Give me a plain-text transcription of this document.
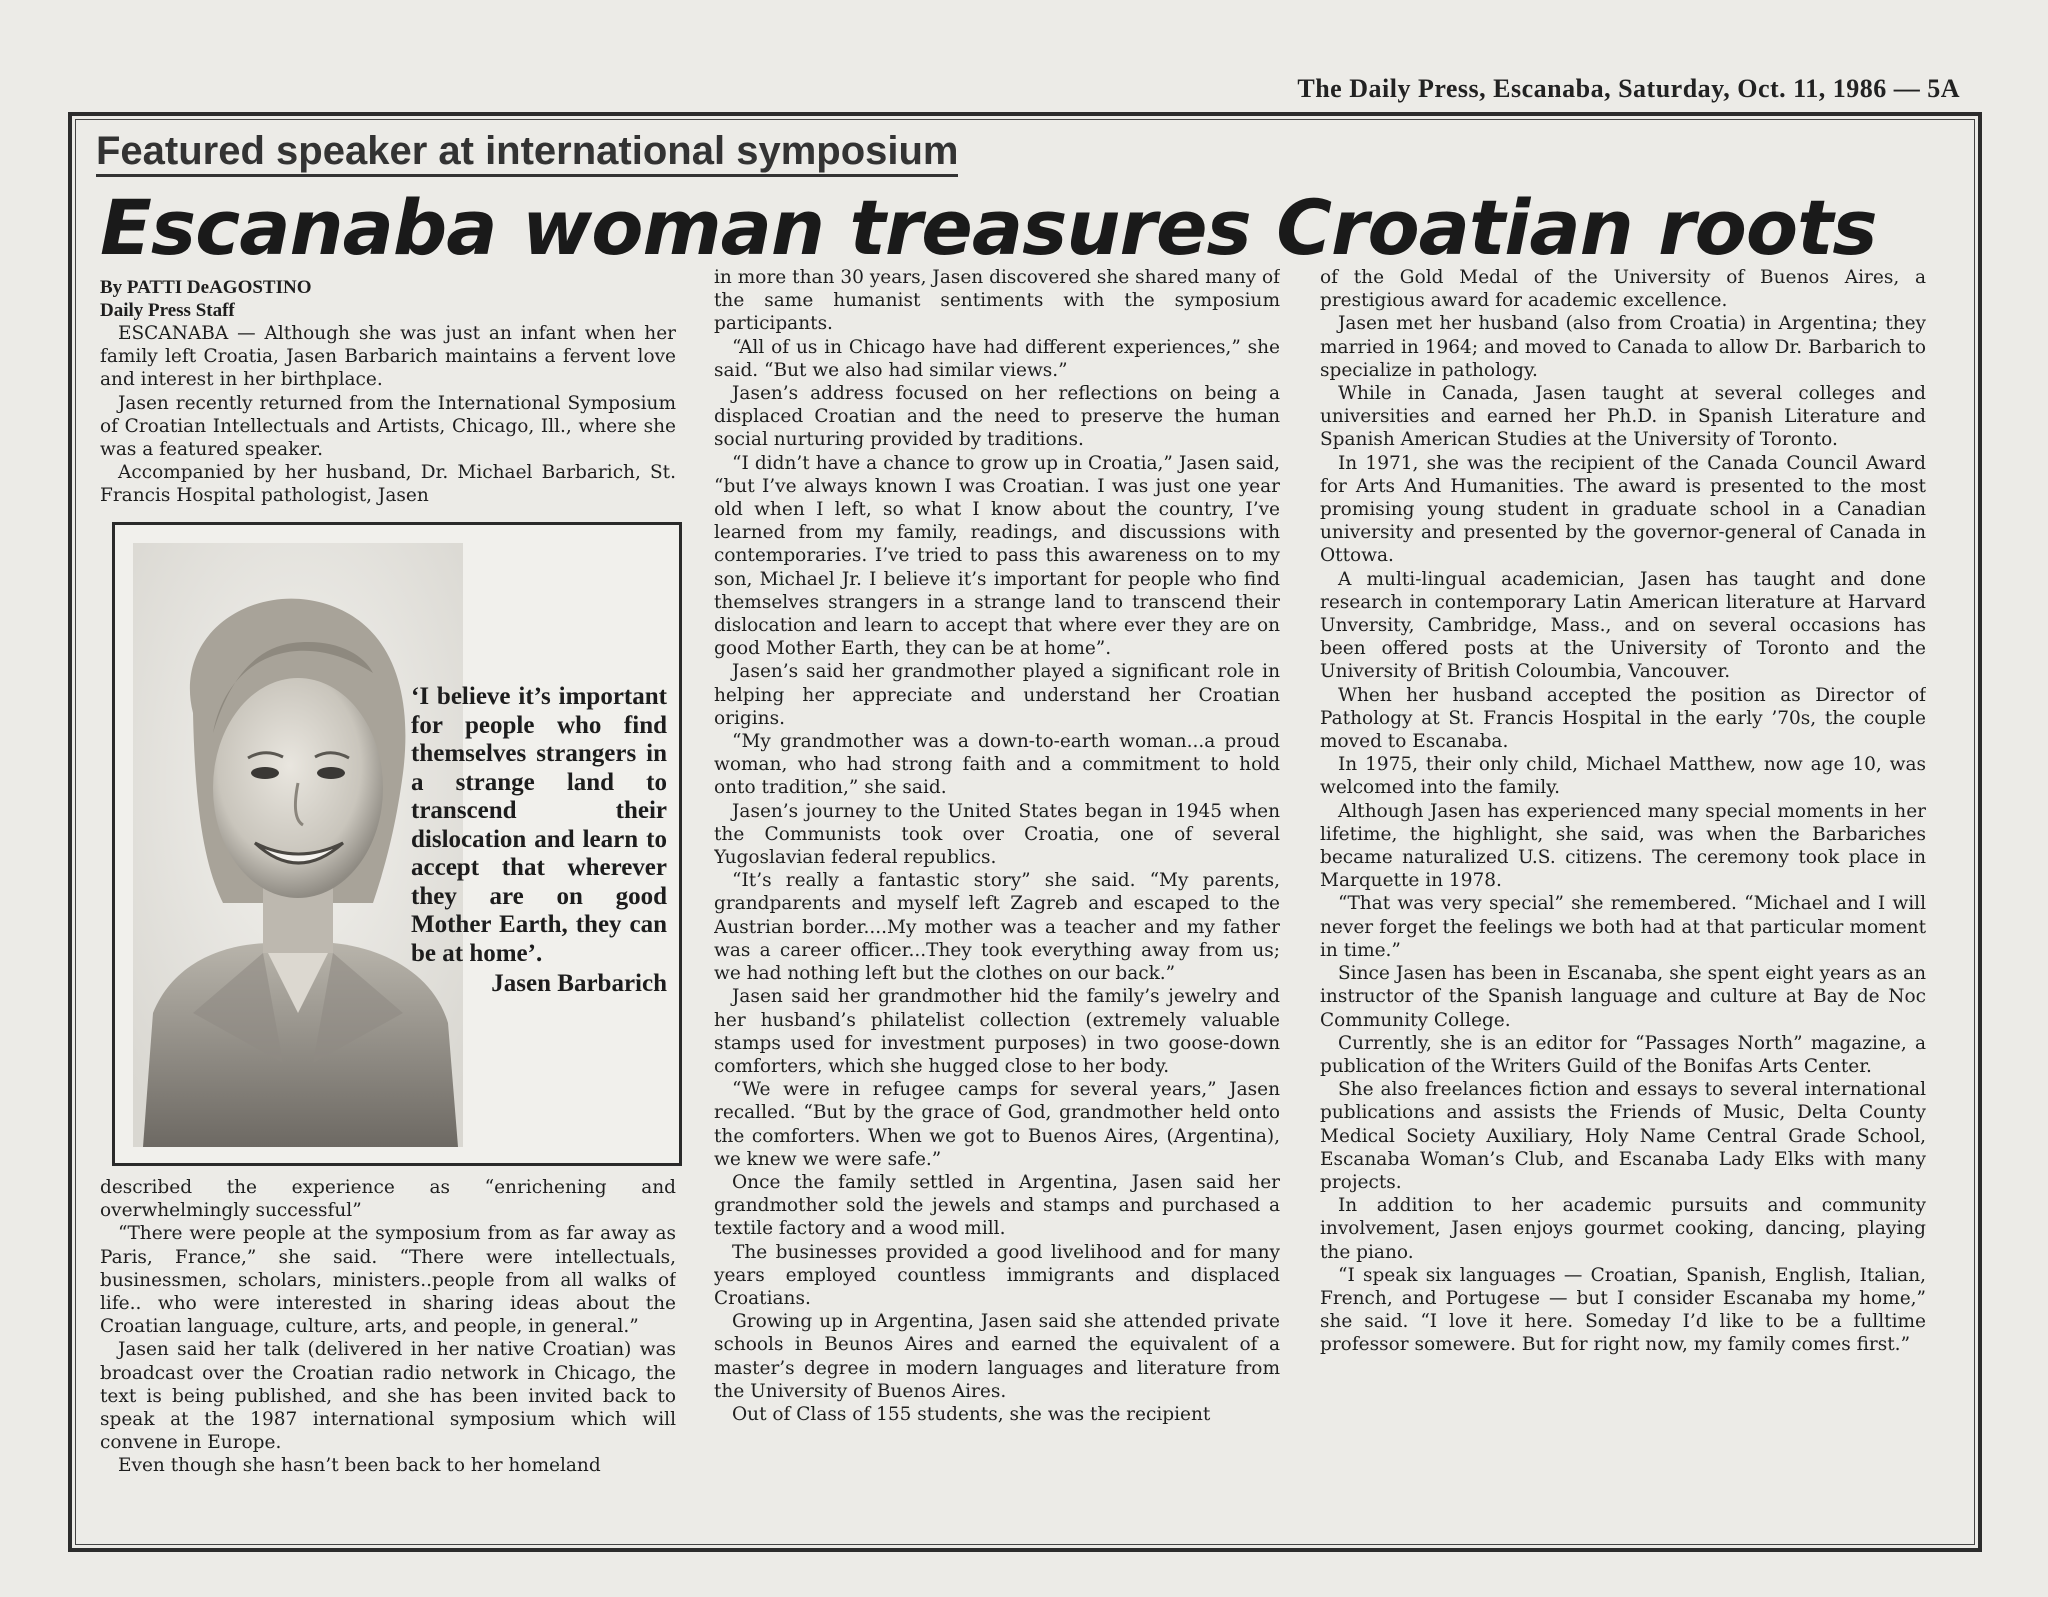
The Daily Press, Escanaba, Saturday, Oct. 11, 1986 — 5A
Featured speaker at international symposium
Escanaba woman treasures Croatian roots
By PATTI DeAGOSTINO
Daily Press Staff

ESCANABA — Although she was just an infant when her family left Croatia, Jasen Barbarich maintains a fervent love and interest in her birthplace.

Jasen recently returned from the International Symposium of Croatian Intellectuals and Artists, Chicago, Ill., where she was a featured speaker.

Accompanied by her husband, Dr. Michael Barbarich, St. Francis Hospital pathologist, Jasen

‘I believe it’s important for people who find themselves strangers in a strange land to transcend their dislocation and learn to accept that wherever they are on good Mother Earth, they can be at home’.
Jasen Barbarich

described the experience as “enrichening and overwhelmingly successful”

“There were people at the symposium from as far away as Paris, France,” she said. “There were intellectuals, businessmen, scholars, ministers..people from all walks of life.. who were interested in sharing ideas about the Croatian language, culture, arts, and people, in general.”

Jasen said her talk (delivered in her native Croatian) was broadcast over the Croatian radio network in Chicago, the text is being published, and she has been invited back to speak at the 1987 international symposium which will convene in Europe.

Even though she hasn’t been back to her homeland

in more than 30 years, Jasen discovered she shared many of the same humanist sentiments with the symposium participants.

“All of us in Chicago have had different experiences,” she said. “But we also had similar views.”

Jasen’s address focused on her reflections on being a displaced Croatian and the need to preserve the human social nurturing provided by traditions.

“I didn’t have a chance to grow up in Croatia,” Jasen said, “but I’ve always known I was Croatian. I was just one year old when I left, so what I know about the country, I’ve learned from my family, readings, and discussions with contemporaries. I’ve tried to pass this awareness on to my son, Michael Jr. I believe it’s important for people who find themselves strangers in a strange land to transcend their dislocation and learn to accept that where ever they are on good Mother Earth, they can be at home”.

Jasen’s said her grandmother played a significant role in helping her appreciate and understand her Croatian origins.

“My grandmother was a down-to-earth woman...a proud woman, who had strong faith and a commitment to hold onto tradition,” she said.

Jasen’s journey to the United States began in 1945 when the Communists took over Croatia, one of several Yugoslavian federal republics.

“It’s really a fantastic story” she said. “My parents, grandparents and myself left Zagreb and escaped to the Austrian border....My mother was a teacher and my father was a career officer...They took everything away from us; we had nothing left but the clothes on our back.”

Jasen said her grandmother hid the family’s jewelry and her husband’s philatelist collection (extremely valuable stamps used for investment purposes) in two goose-down comforters, which she hugged close to her body.

“We were in refugee camps for several years,” Jasen recalled. “But by the grace of God, grandmother held onto the comforters. When we got to Buenos Aires, (Argentina), we knew we were safe.”

Once the family settled in Argentina, Jasen said her grandmother sold the jewels and stamps and purchased a textile factory and a wood mill.

The businesses provided a good livelihood and for many years employed countless immigrants and displaced Croatians.

Growing up in Argentina, Jasen said she attended private schools in Beunos Aires and earned the equivalent of a master’s degree in modern languages and literature from the University of Buenos Aires.

Out of Class of 155 students, she was the recipient

of the Gold Medal of the University of Buenos Aires, a prestigious award for academic excellence.

Jasen met her husband (also from Croatia) in Argentina; they married in 1964; and moved to Canada to allow Dr. Barbarich to specialize in pathology.

While in Canada, Jasen taught at several colleges and universities and earned her Ph.D. in Spanish Literature and Spanish American Studies at the University of Toronto.

In 1971, she was the recipient of the Canada Council Award for Arts And Humanities. The award is presented to the most promising young student in graduate school in a Canadian university and presented by the governor-general of Canada in Ottowa.

A multi-lingual academician, Jasen has taught and done research in contemporary Latin American literature at Harvard Unversity, Cambridge, Mass., and on several occasions has been offered posts at the University of Toronto and the University of British Coloumbia, Vancouver.

When her husband accepted the position as Director of Pathology at St. Francis Hospital in the early ’70s, the couple moved to Escanaba.

In 1975, their only child, Michael Matthew, now age 10, was welcomed into the family.

Although Jasen has experienced many special moments in her lifetime, the highlight, she said, was when the Barbariches became naturalized U.S. citizens. The ceremony took place in Marquette in 1978.

“That was very special” she remembered. “Michael and I will never forget the feelings we both had at that particular moment in time.”

Since Jasen has been in Escanaba, she spent eight years as an instructor of the Spanish language and culture at Bay de Noc Community College.

Currently, she is an editor for “Passages North” magazine, a publication of the Writers Guild of the Bonifas Arts Center.

She also freelances fiction and essays to several international publications and assists the Friends of Music, Delta County Medical Society Auxiliary, Holy Name Central Grade School, Escanaba Woman’s Club, and Escanaba Lady Elks with many projects.

In addition to her academic pursuits and community involvement, Jasen enjoys gourmet cooking, dancing, playing the piano.

“I speak six languages — Croatian, Spanish, English, Italian, French, and Portugese — but I consider Escanaba my home,” she said. “I love it here. Someday I’d like to be a fulltime professor somewere. But for right now, my family comes first.”
